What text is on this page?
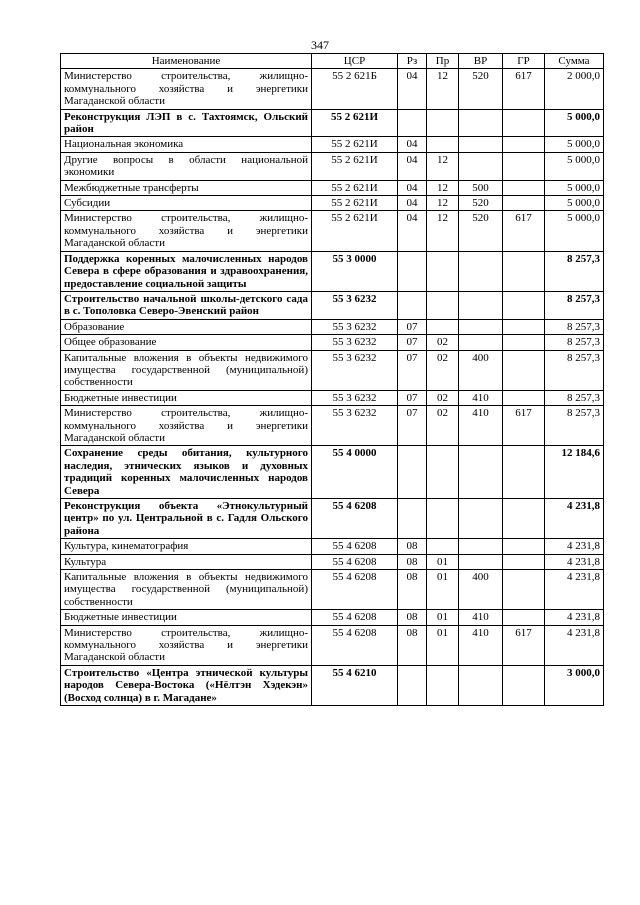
347
Наименование	ЦСР	Рз	Пр	ВР	ГР	Сумма
Министерство строительства, жилищно-коммунального хозяйства и энергетики Магаданской области	55 2 621Б	04	12	520	617	2 000,0
Реконструкция ЛЭП в с. Тахтоямск, Ольский район	55 2 621И					5 000,0
Национальная экономика	55 2 621И	04				5 000,0
Другие вопросы в области национальной экономики	55 2 621И	04	12			5 000,0
Межбюджетные трансферты	55 2 621И	04	12	500		5 000,0
Субсидии	55 2 621И	04	12	520		5 000,0
Министерство строительства, жилищно-коммунального хозяйства и энергетики Магаданской области	55 2 621И	04	12	520	617	5 000,0
Поддержка коренных малочисленных народов Севера в сфере образования и здравоохранения, предоставление социальной защиты	55 3 0000					8 257,3
Строительство начальной школы-детского сада в с. Тополовка Северо-Эвенский район	55 3 6232					8 257,3
Образование	55 3 6232	07				8 257,3
Общее образование	55 3 6232	07	02			8 257,3
Капитальные вложения в объекты недвижимого имущества государственной (муниципальной) собственности	55 3 6232	07	02	400		8 257,3
Бюджетные инвестиции	55 3 6232	07	02	410		8 257,3
Министерство строительства, жилищно-коммунального хозяйства и энергетики Магаданской области	55 3 6232	07	02	410	617	8 257,3
Сохранение среды обитания, культурного наследия, этнических языков и духовных традиций коренных малочисленных народов Севера	55 4 0000					12 184,6
Реконструкция объекта «Этнокультурный центр» по ул. Центральной в с. Гадля Ольского района	55 4 6208					4 231,8
Культура, кинематография	55 4 6208	08				4 231,8
Культура	55 4 6208	08	01			4 231,8
Капитальные вложения в объекты недвижимого имущества государственной (муниципальной) собственности	55 4 6208	08	01	400		4 231,8
Бюджетные инвестиции	55 4 6208	08	01	410		4 231,8
Министерство строительства, жилищно-коммунального хозяйства и энергетики Магаданской области	55 4 6208	08	01	410	617	4 231,8
Строительство «Центра этнической культуры народов Севера-Востока («Нёлтэн Хэдекэн» (Восход солнца) в г. Магадане»	55 4 6210					3 000,0
